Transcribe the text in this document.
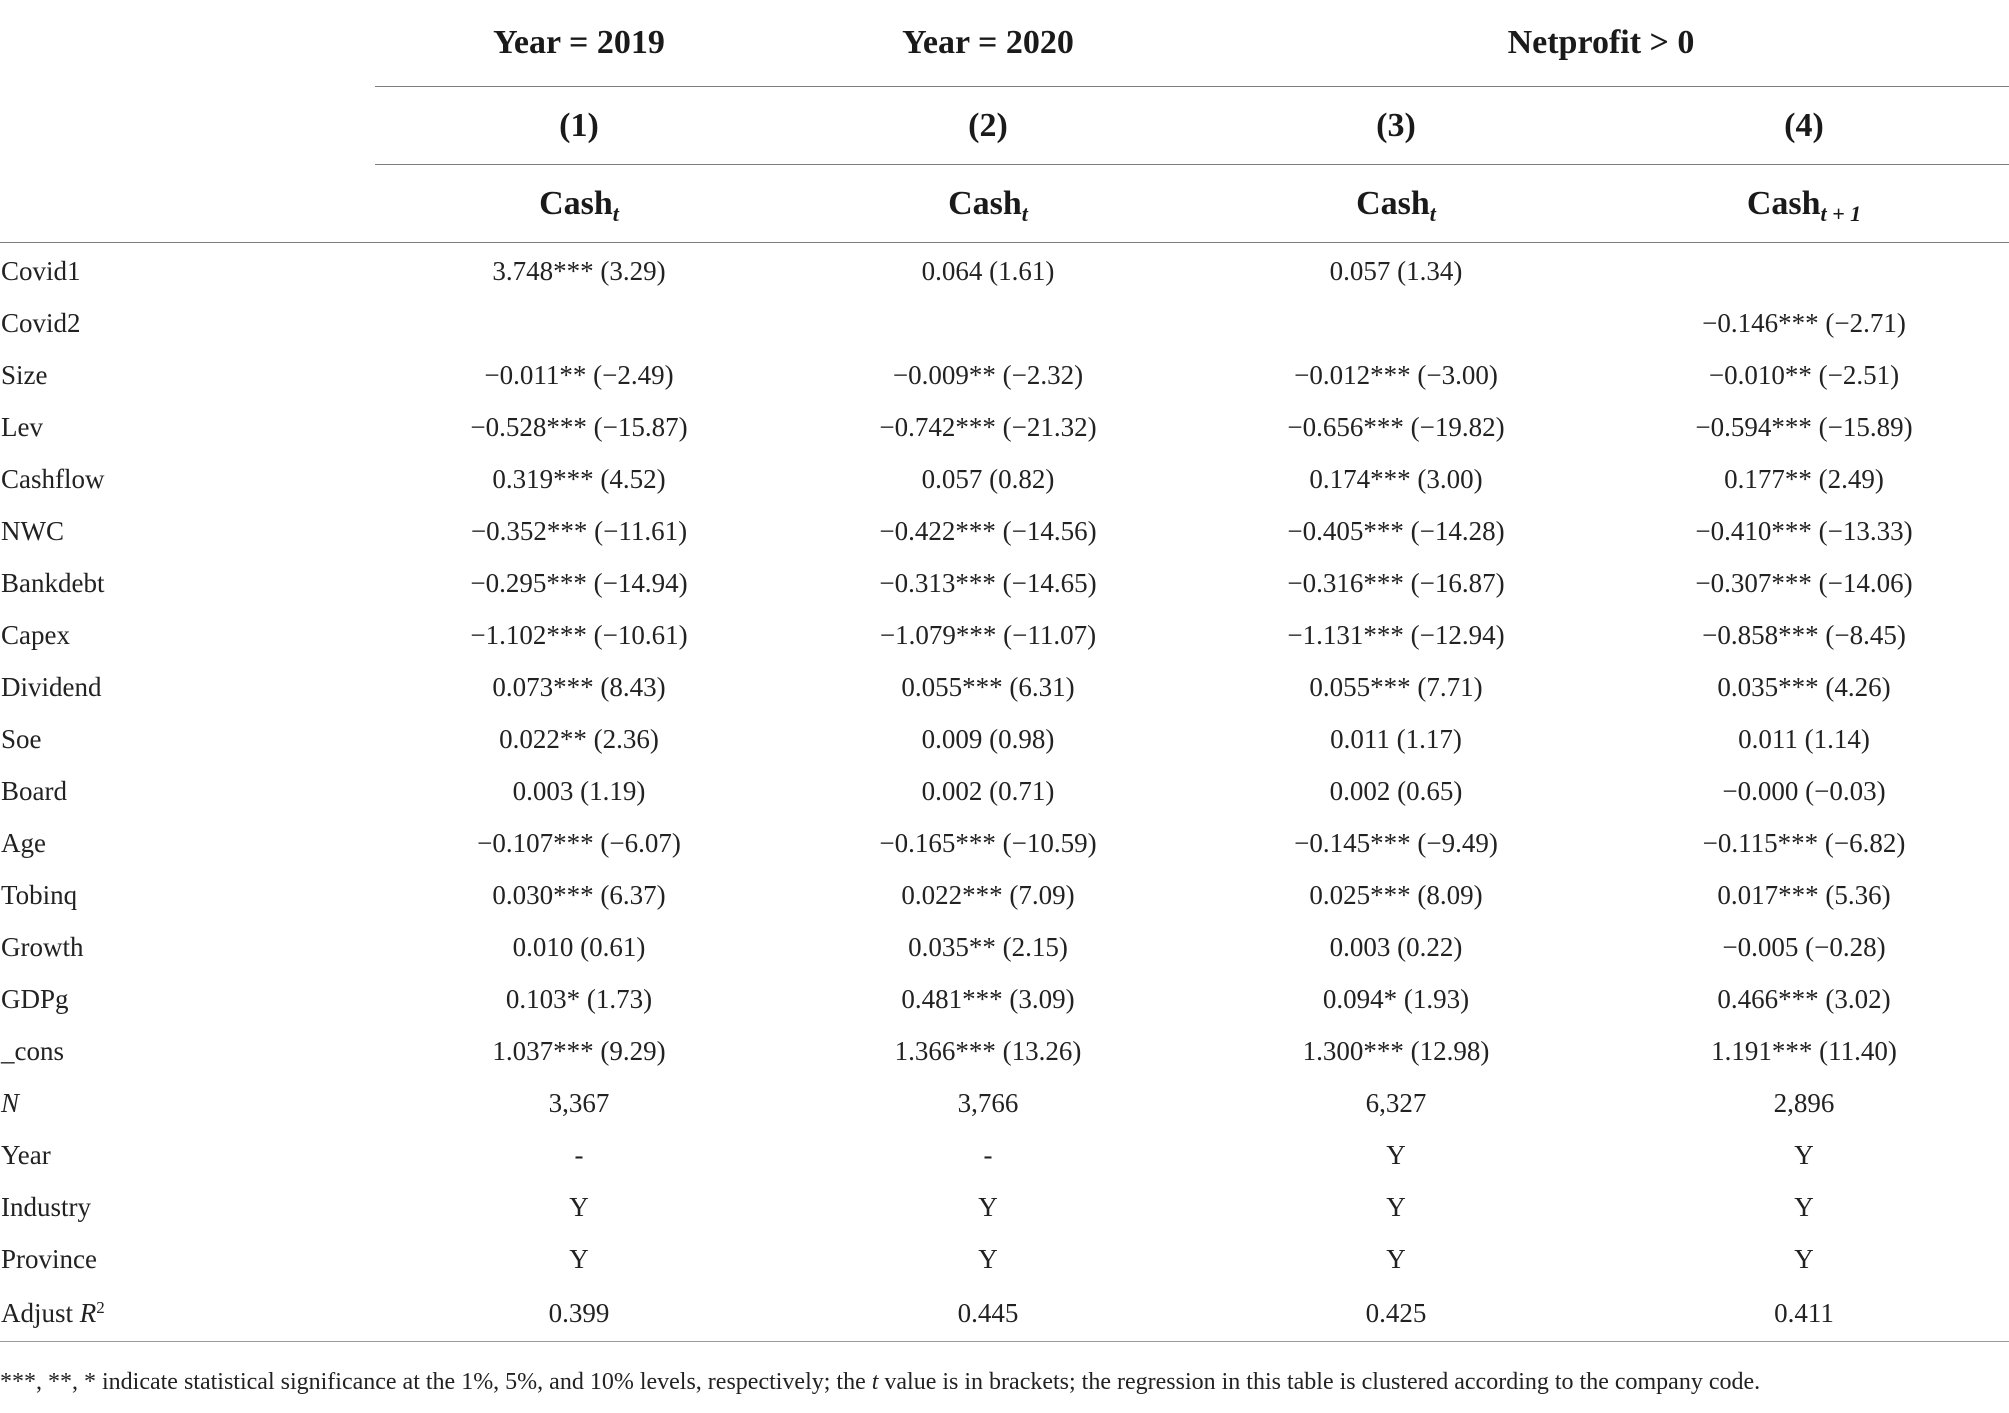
	Year = 2019	Year = 2020	Netprofit > 0	
	(1)	(2)	(3)	(4)
	Cash$_t$	Cash$_t$	Cash$_t$	Cash$_{t + 1}$
Covid1	3.748*** (3.29)	0.064 (1.61)	0.057 (1.34)	
Covid2				−0.146*** (−2.71)
Size	−0.011** (−2.49)	−0.009** (−2.32)	−0.012*** (−3.00)	−0.010** (−2.51)
Lev	−0.528*** (−15.87)	−0.742*** (−21.32)	−0.656*** (−19.82)	−0.594*** (−15.89)
Cashflow	0.319*** (4.52)	0.057 (0.82)	0.174*** (3.00)	0.177** (2.49)
NWC	−0.352*** (−11.61)	−0.422*** (−14.56)	−0.405*** (−14.28)	−0.410*** (−13.33)
Bankdebt	−0.295*** (−14.94)	−0.313*** (−14.65)	−0.316*** (−16.87)	−0.307*** (−14.06)
Capex	−1.102*** (−10.61)	−1.079*** (−11.07)	−1.131*** (−12.94)	−0.858*** (−8.45)
Dividend	0.073*** (8.43)	0.055*** (6.31)	0.055*** (7.71)	0.035*** (4.26)
Soe	0.022** (2.36)	0.009 (0.98)	0.011 (1.17)	0.011 (1.14)
Board	0.003 (1.19)	0.002 (0.71)	0.002 (0.65)	−0.000 (−0.03)
Age	−0.107*** (−6.07)	−0.165*** (−10.59)	−0.145*** (−9.49)	−0.115*** (−6.82)
Tobinq	0.030*** (6.37)	0.022*** (7.09)	0.025*** (8.09)	0.017*** (5.36)
Growth	0.010 (0.61)	0.035** (2.15)	0.003 (0.22)	−0.005 (−0.28)
GDPg	0.103* (1.73)	0.481*** (3.09)	0.094* (1.93)	0.466*** (3.02)
_cons	1.037*** (9.29)	1.366*** (13.26)	1.300*** (12.98)	1.191*** (11.40)
N	3,367	3,766	6,327	2,896
Year	-	-	Y	Y
Industry	Y	Y	Y	Y
Province	Y	Y	Y	Y
Adjust $R^2$	0.399	0.445	0.425	0.411
***, **, * indicate statistical significance at the 1%, 5%, and 10% levels, respectively; the t value is in brackets; the regression in this table is clustered according to the company code.
